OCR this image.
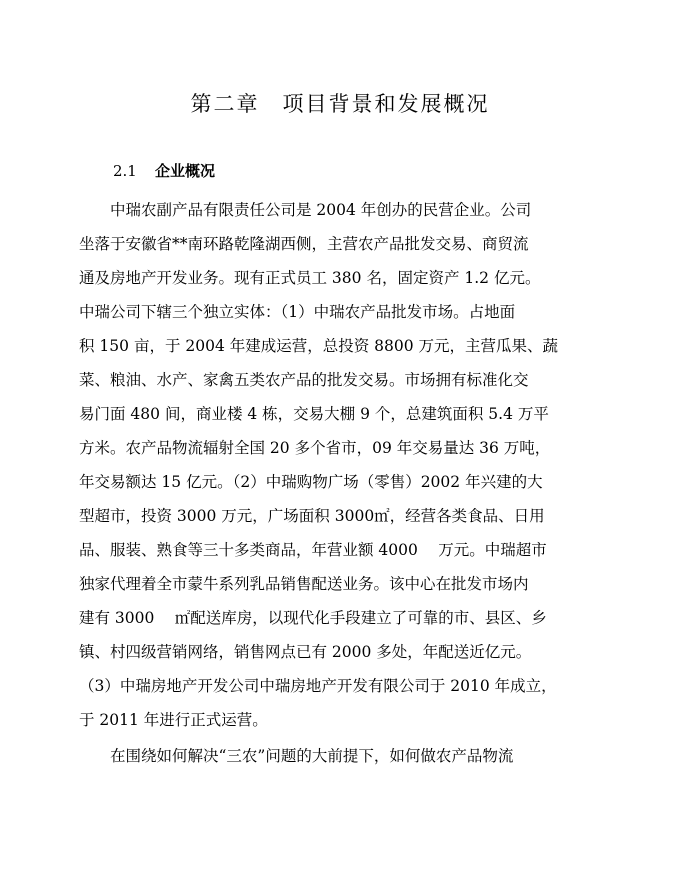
第二章　项目背景和发展概况
2.1 企业概况
　　中瑞农副产品有限责任公司是 2004 年创办的民营企业。公司
坐落于安徽省**南环路乾隆湖西侧，主营农产品批发交易、商贸流
通及房地产开发业务。现有正式员工 380 名，固定资产 1.2 亿元。
中瑞公司下辖三个独立实体：（1）中瑞农产品批发市场。占地面
积 150 亩，于 2004 年建成运营，总投资 8800 万元，主营瓜果、蔬
菜、粮油、水产、家禽五类农产品的批发交易。市场拥有标准化交
易门面 480 间，商业楼 4 栋，交易大棚 9 个，总建筑面积 5.4 万平
方米。农产品物流辐射全国 20 多个省市，09 年交易量达 36 万吨，
年交易额达 15 亿元。（2）中瑞购物广场（零售）2002 年兴建的大
型超市，投资 3000 万元，广场面积 3000㎡，经营各类食品、日用
品、服装、熟食等三十多类商品，年营业额 4000　 万元。中瑞超市
独家代理着全市蒙牛系列乳品销售配送业务。该中心在批发市场内
建有 3000　 ㎡配送库房，以现代化手段建立了可靠的市、县区、乡
镇、村四级营销网络，销售网点已有 2000 多处，年配送近亿元。
（3）中瑞房地产开发公司中瑞房地产开发有限公司于 2010 年成立，
于 2011 年进行正式运营。
　　在围绕如何解决“三农”问题的大前提下，如何做农产品物流
